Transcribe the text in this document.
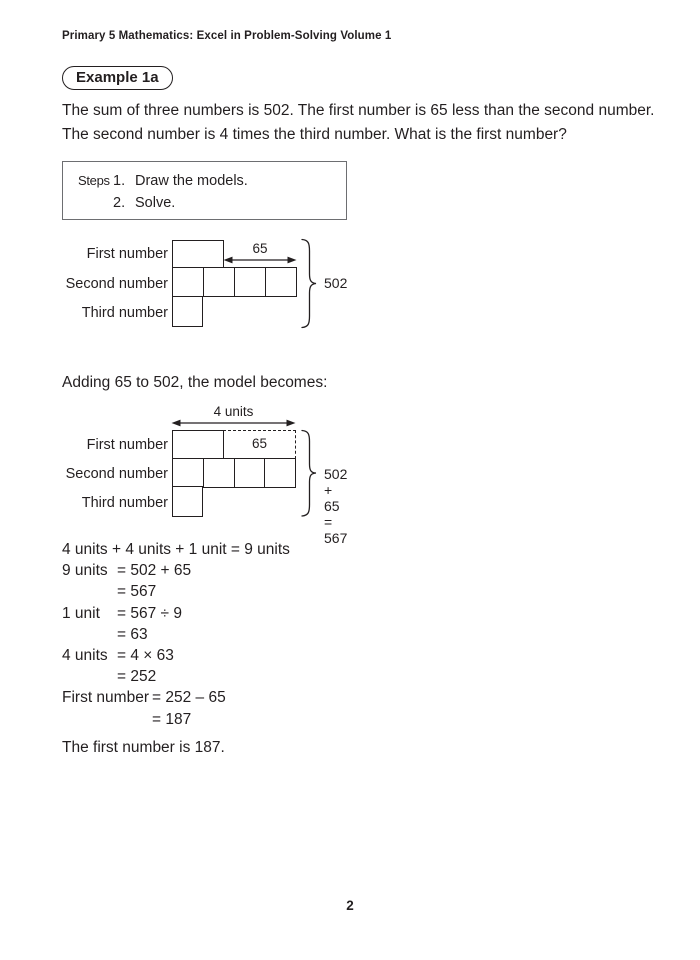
Primary 5 Mathematics: Excel in Problem-Solving Volume 1
Example 1a
The sum of three numbers is 502. The first number is 65 less than the second number.
The second number is 4 times the third number. What is the first number?
Steps 1. Draw the models.
2. Solve.
First number
Second number
Third number
65
502
Adding 65 to 502, the model becomes:
4 units
First number
Second number
Third number
65
502 + 65 = 567
4 units + 4 units + 1 unit = 9 units
9 units = 502 + 65
= 567
1 unit	= 567 ÷ 9
= 63
4 units = 4 × 63
= 252
First number = 252 – 65
= 187
The first number is 187.
2
